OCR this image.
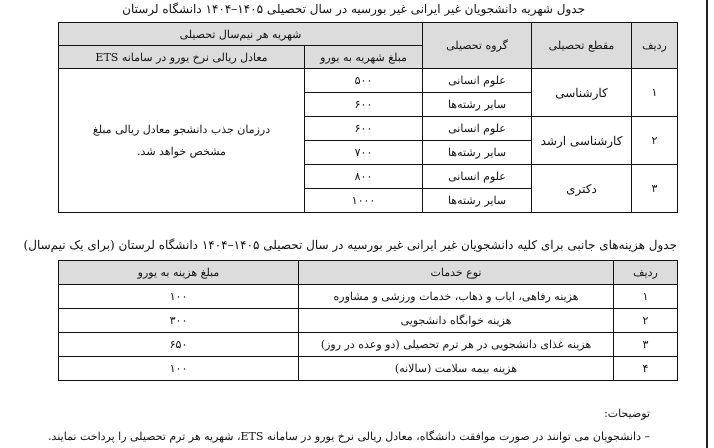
جدول شهریه دانشجویان غیر ایرانی غیر بورسیه در سال تحصیلی ۱۴۰۵–۱۴۰۴ دانشگاه لرستان
ردیف	مقطع تحصیلی	گروه تحصیلی	شهریه هر نیم‌سال تحصیلی	
			مبلغ شهریه به یورو	معادل ریالی نرخ یورو در سامانه ETS
۱	کارشناسی	علوم انسانی	۵۰۰	درزمان جذب دانشجو معادل ریالی مبلغ مشخص خواهد شد.
		سایر رشته‌ها	۶۰۰	
۲	کارشناسی ارشد	علوم انسانی	۶۰۰	
		سایر رشته‌ها	۷۰۰	
۳	دکتری	علوم انسانی	۸۰۰	
		سایر رشته‌ها	۱۰۰۰	
جدول هزینه‌های جانبی برای کلیه دانشجویان غیر ایرانی غیر بورسیه در سال تحصیلی ۱۴۰۵–۱۴۰۴ دانشگاه لرستان (برای یک نیم‌سال)
ردیف	نوع خدمات	مبلغ هزینه به یورو
۱	هزینه رفاهی، ایاب و ذهاب، خدمات ورزشی و مشاوره	۱۰۰
۲	هزینه خوابگاه دانشجویی	۳۰۰
۳	هزینه غذای دانشجویی در هر ترم تحصیلی (دو وعده در روز)	۶۵۰
۴	هزینه بیمه سلامت (سالانه)	۱۰۰
توضیحات:
– دانشجویان می توانند در صورت موافقت دانشگاه، معادل ریالی نرخ یورو در سامانه ETS، شهریه هر ترم تحصیلی را پرداخت نمایند.
